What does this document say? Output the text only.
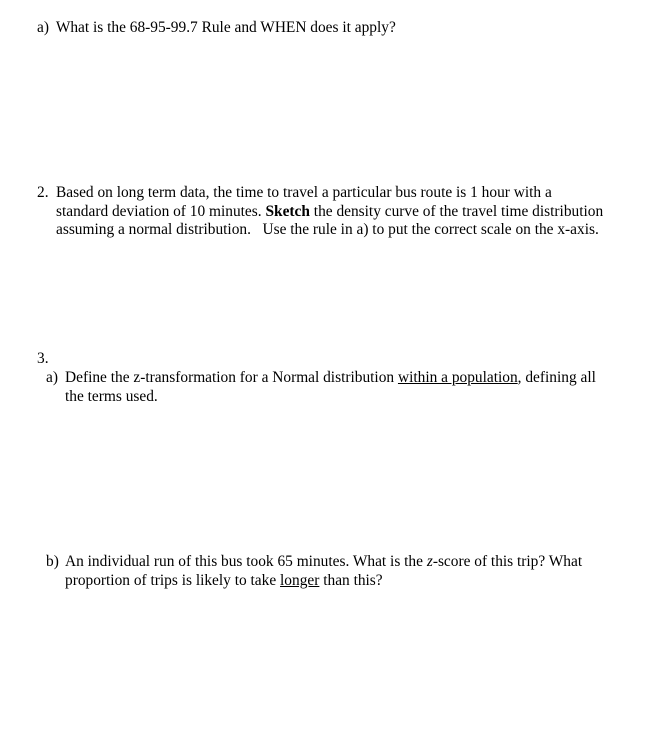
a) What is the 68-95-99.7 Rule and WHEN does it apply?
2. Based on long term data, the time to travel a particular bus route is 1 hour with a
standard deviation of 10 minutes. Sketch the density curve of the travel time distribution
assuming a normal distribution.   Use the rule in a) to put the correct scale on the x-axis.
3.
a) Define the z-transformation for a Normal distribution within a population, defining all
the terms used.
b) An individual run of this bus took 65 minutes. What is the z-score of this trip? What
proportion of trips is likely to take longer than this?
